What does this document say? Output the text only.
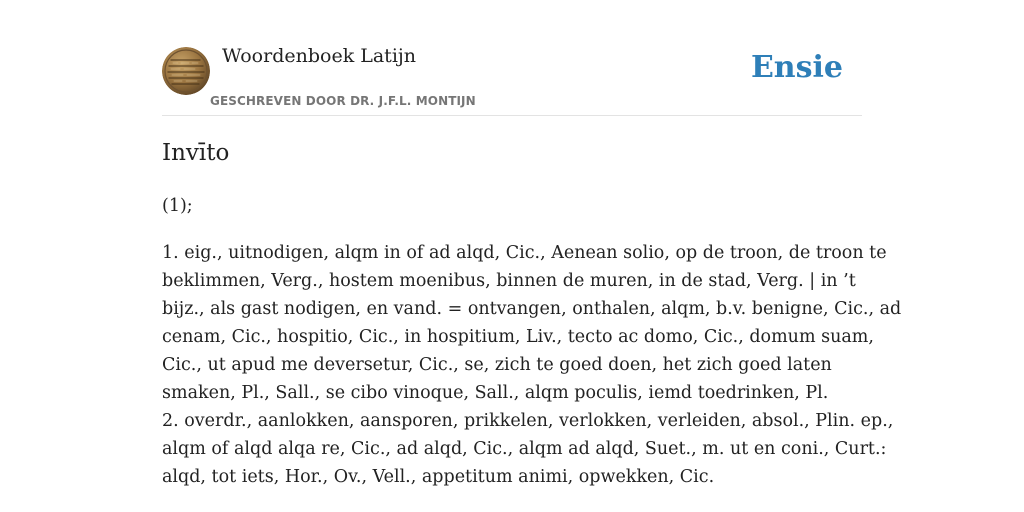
Woordenboek Latijn
GESCHREVEN DOOR DR. J.F.L. MONTIJN
Ensie
Invīto

(1);

1. eig., uitnodigen, alqm in of ad alqd, Cic., Aenean solio, op de troon, de troon te
beklimmen, Verg., hostem moenibus, binnen de muren, in de stad, Verg. | in ’t
bijz., als gast nodigen, en vand. = ontvangen, onthalen, alqm, b.v. benigne, Cic., ad
cenam, Cic., hospitio, Cic., in hospitium, Liv., tecto ac domo, Cic., domum suam,
Cic., ut apud me deversetur, Cic., se, zich te goed doen, het zich goed laten
smaken, Pl., Sall., se cibo vinoque, Sall., alqm poculis, iemd toedrinken, Pl.
2. overdr., aanlokken, aansporen, prikkelen, verlokken, verleiden, absol., Plin. ep.,
alqm of alqd alqa re, Cic., ad alqd, Cic., alqm ad alqd, Suet., m. ut en coni., Curt.:
alqd, tot iets, Hor., Ov., Vell., appetitum animi, opwekken, Cic.
